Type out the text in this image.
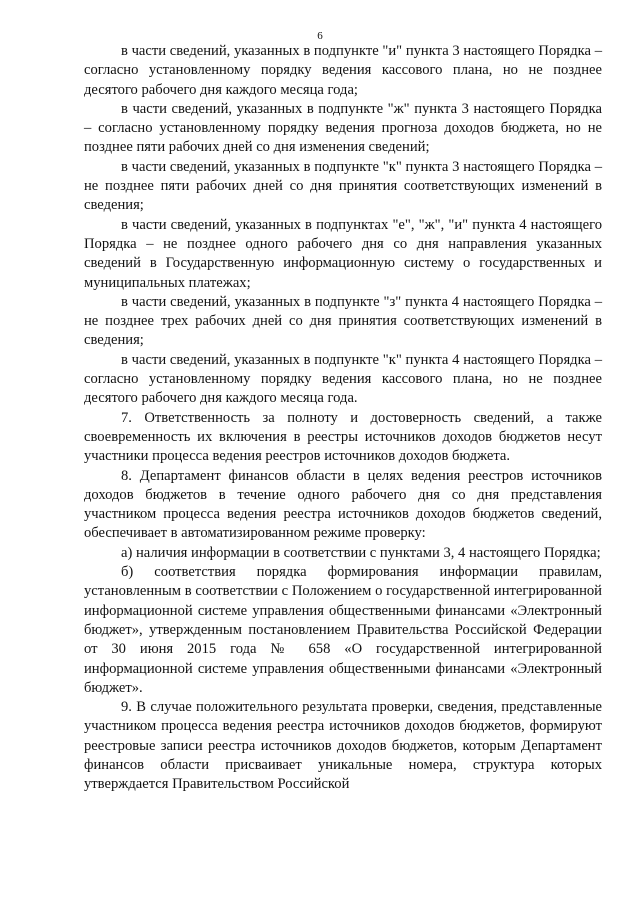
6

в части сведений, указанных в подпункте "и" пункта 3 настоящего Порядка – согласно установленному порядку ведения кассового плана, но не позднее десятого рабочего дня каждого месяца года;

в части сведений, указанных в подпункте "ж" пункта 3 настоящего Порядка – согласно установленному порядку ведения прогноза доходов бюджета, но не позднее пяти рабочих дней со дня изменения сведений;

в части сведений, указанных в подпункте "к" пункта 3 настоящего Порядка – не позднее пяти рабочих дней со дня принятия соответствующих изменений в сведения;

в части сведений, указанных в подпунктах "е", "ж", "и" пункта 4 настоящего Порядка – не позднее одного рабочего дня со дня направления указанных сведений в Государственную информационную систему о государственных и муниципальных платежах;

в части сведений, указанных в подпункте "з" пункта 4 настоящего Порядка – не позднее трех рабочих дней со дня принятия соответствующих изменений в сведения;

в части сведений, указанных в подпункте "к" пункта 4 настоящего Порядка – согласно установленному порядку ведения кассового плана, но не позднее десятого рабочего дня каждого месяца года.

7. Ответственность за полноту и достоверность сведений, а также своевременность их включения в реестры источников доходов бюджетов несут участники процесса ведения реестров источников доходов бюджета.

8. Департамент финансов области в целях ведения реестров источников доходов бюджетов в течение одного рабочего дня со дня представления участником процесса ведения реестра источников доходов бюджетов сведений, обеспечивает в автоматизированном режиме проверку:

а) наличия информации в соответствии с пунктами 3, 4 настоящего Порядка;

б) соответствия порядка формирования информации правилам, установленным в соответствии с Положением о государственной интегрированной информационной системе управления общественными финансами «Электронный бюджет», утвержденным постановлением Правительства Российской Федерации от 30 июня 2015 года № 658 «О государственной интегрированной информационной системе управления общественными финансами «Электронный бюджет».

9. В случае положительного результата проверки, сведения, представленные участником процесса ведения реестра источников доходов бюджетов, формируют реестровые записи реестра источников доходов бюджетов, которым Департамент финансов области присваивает уникальные номера, структура которых утверждается Правительством Российской
